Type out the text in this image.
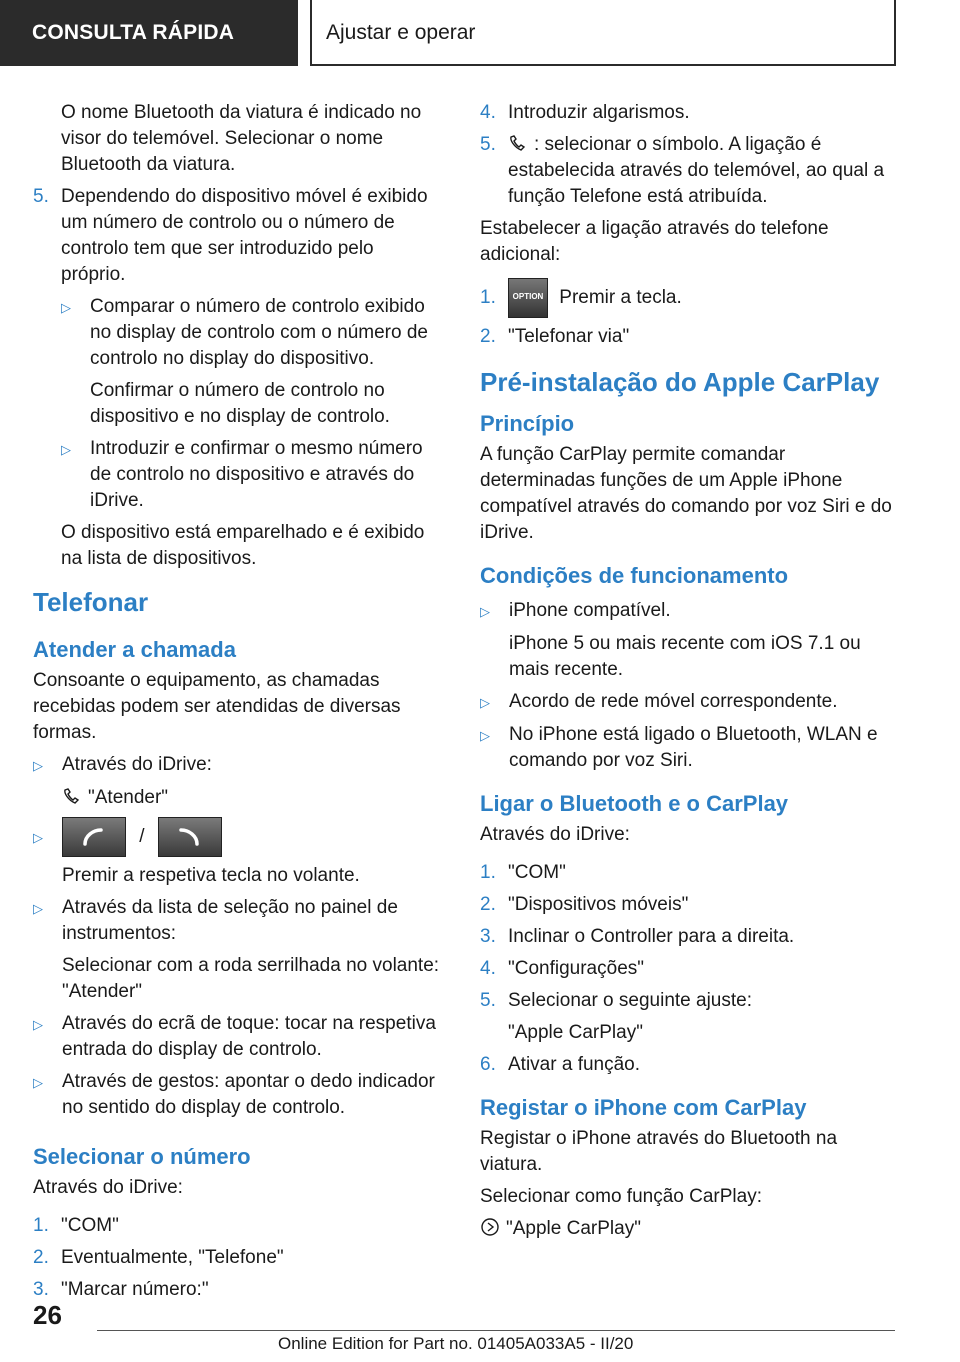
CONSULTA RÁPIDA	Ajustar e operar
O nome Bluetooth da viatura é indicado no visor do telemóvel. Selecionar o nome Bluetooth da viatura.
5. Dependendo do dispositivo móvel é exibido um número de controlo ou o número de controlo tem que ser introduzido pelo próprio.
▷	Comparar o número de controlo exibido no display de controlo com o número de controlo no display do dispositivo.
Confirmar o número de controlo no dispositivo e no display de controlo.
▷	Introduzir e confirmar o mesmo número de controlo no dispositivo e através do iDrive.
O dispositivo está emparelhado e é exibido na lista de dispositivos.
Telefonar
Atender a chamada
Consoante o equipamento, as chamadas recebidas podem ser atendidas de diversas formas.
▷	Através do iDrive:
"Atender"
▷	/
Premir a respetiva tecla no volante.
▷	Através da lista de seleção no painel de instrumentos:
Selecionar com a roda serrilhada no volante: "Atender"
▷	Através do ecrã de toque: tocar na respetiva entrada do display de controlo.
▷	Através de gestos: apontar o dedo indicador no sentido do display de controlo.
Selecionar o número
Através do iDrive:
1. "COM"
2. Eventualmente, "Telefone"
3. "Marcar número:"
4. Introduzir algarismos.
5.	: selecionar o símbolo. A ligação é estabelecida através do telemóvel, ao qual a função Telefone está atribuída.
Estabelecer a ligação através do telefone adicional:
1.	OPTION Premir a tecla.
2. "Telefonar via"
Pré-instalação do Apple CarPlay
Princípio
A função CarPlay permite comandar determinadas funções de um Apple iPhone compatível através do comando por voz Siri e do iDrive.
Condições de funcionamento
▷	iPhone compatível.
iPhone 5 ou mais recente com iOS 7.1 ou mais recente.
▷	Acordo de rede móvel correspondente.
▷	No iPhone está ligado o Bluetooth, WLAN e comando por voz Siri.
Ligar o Bluetooth e o CarPlay
Através do iDrive:
1. "COM"
2. "Dispositivos móveis"
3. Inclinar o Controller para a direita.
4. "Configurações"
5. Selecionar o seguinte ajuste:
"Apple CarPlay"
6. Ativar a função.
Registar o iPhone com CarPlay
Registar o iPhone através do Bluetooth na viatura.
Selecionar como função CarPlay:
"Apple CarPlay"
26
Online Edition for Part no. 01405A033A5 - II/20
